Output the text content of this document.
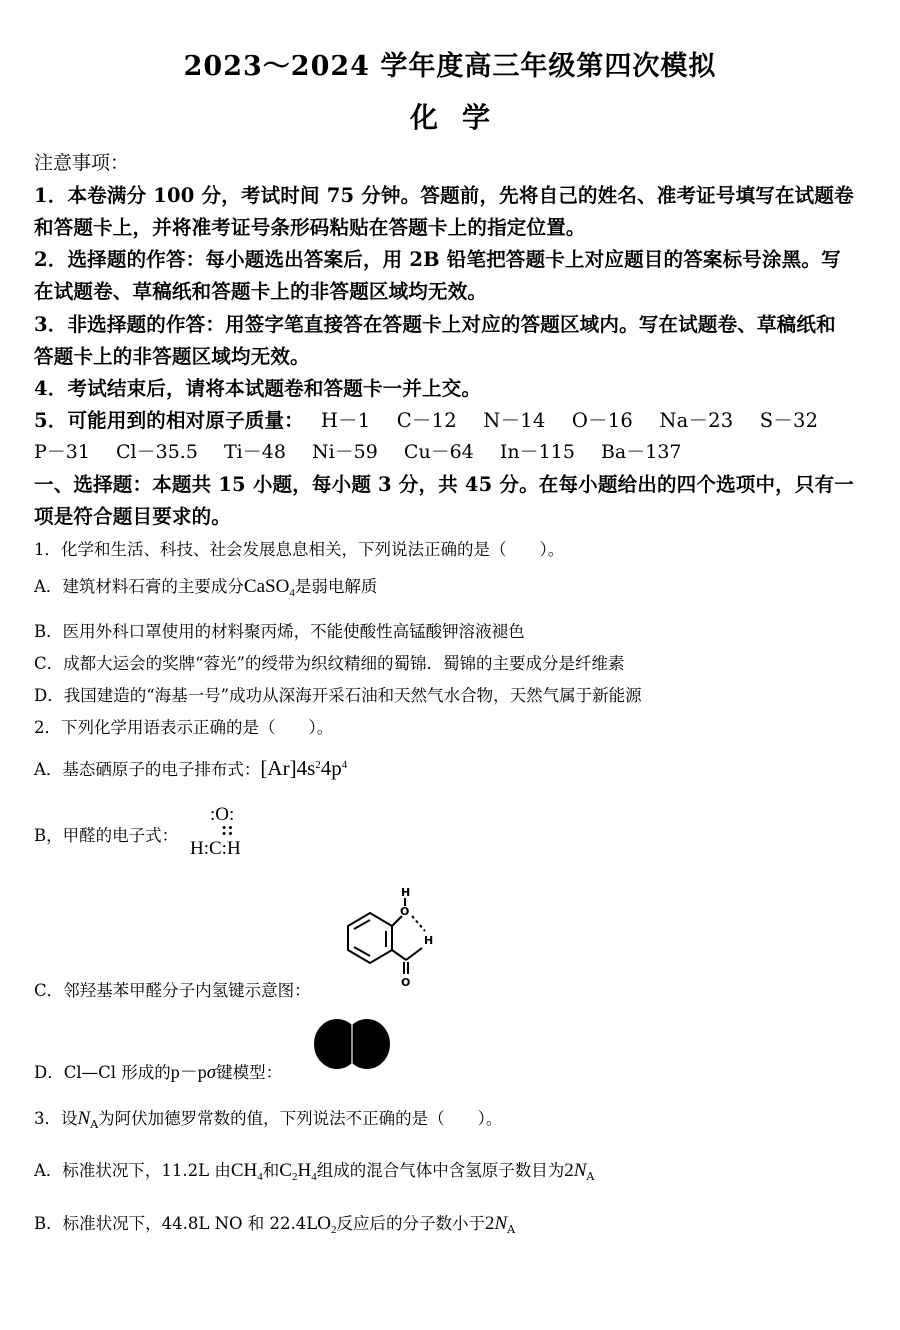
2023～2024 学年度高三年级第四次模拟
化学
注意事项：
1．本卷满分 100 分，考试时间 75 分钟。答题前，先将自己的姓名、准考证号填写在试题卷
和答题卡上，并将准考证号条形码粘贴在答题卡上的指定位置。
2．选择题的作答：每小题选出答案后，用 2B 铅笔把答题卡上对应题目的答案标号涂黑。写
在试题卷、草稿纸和答题卡上的非答题区域均无效。
3．非选择题的作答：用签字笔直接答在答题卡上对应的答题区域内。写在试题卷、草稿纸和
答题卡上的非答题区域均无效。
4．考试结束后，请将本试题卷和答题卡一并上交。
5．可能用到的相对原子质量： H－1 C－12 N－14 O－16 Na－23 S－32
P－31 Cl－35.5 Ti－48 Ni－59 Cu－64 In－115 Ba－137
一、选择题：本题共 15 小题，每小题 3 分，共 45 分。在每小题给出的四个选项中，只有一
项是符合题目要求的。
1．化学和生活、科技、社会发展息息相关，下列说法正确的是（　　）。
A．建筑材料石膏的主要成分CaSO$_4$是弱电解质
B．医用外科口罩使用的材料聚丙烯，不能使酸性高锰酸钾溶液褪色
C．成都大运会的奖牌“蓉光”的绶带为织纹精细的蜀锦．蜀锦的主要成分是纤维素
D．我国建造的“海基一号”成功从深海开采石油和天然气水合物，天然气属于新能源
2．下列化学用语表示正确的是（　　）。
A．基态硒原子的电子排布式：$[Ar]4s^24p^4$
B，甲醛的电子式：
:O:
::
H:C:H
C．邻羟基苯甲醛分子内氢键示意图：
H
O
H
O
D．Cl—Cl 形成的p－pσ键模型：
3．设$N_A$为阿伏加德罗常数的值，下列说法不正确的是（　　）。
A．标准状况下，11.2L 由$CH_4$和$C_2H_4$组成的混合气体中含氢原子数目为$2N_A$
B．标准状况下，44.8L NO 和 $22.4LO_2$反应后的分子数小于$2N_A$
